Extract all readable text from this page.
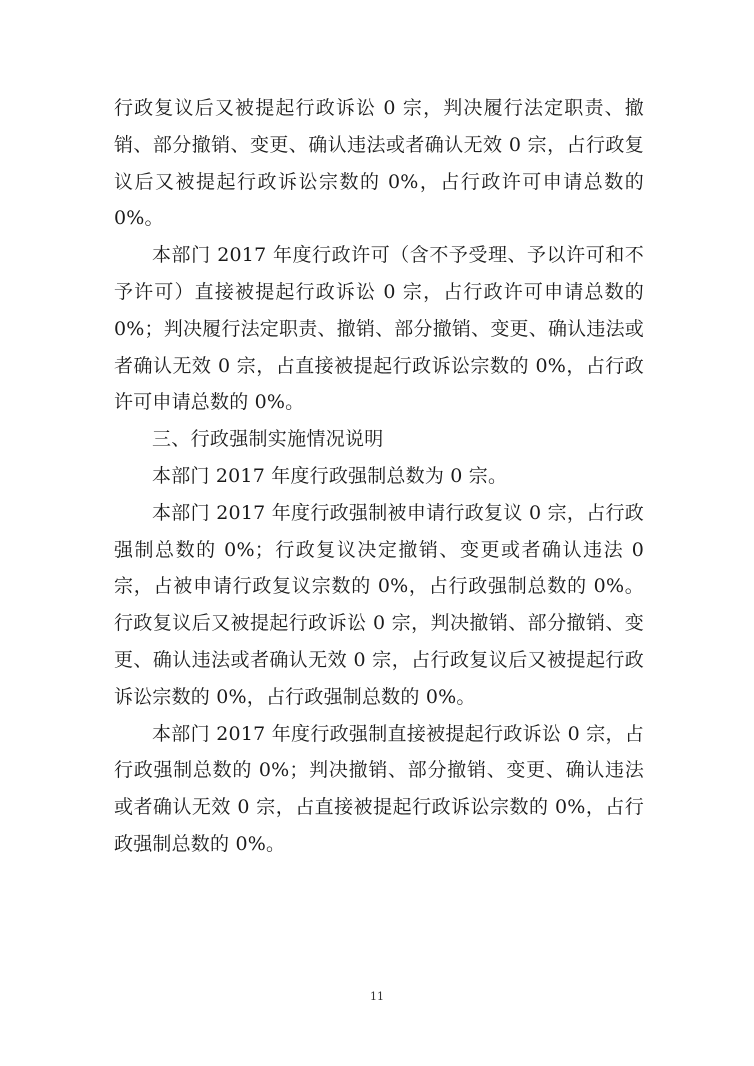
行政复议后又被提起行政诉讼 0 宗，判决履行法定职责、撤销、部分撤销、变更、确认违法或者确认无效 0 宗，占行政复议后又被提起行政诉讼宗数的 0%，占行政许可申请总数的 0%。

本部门 2017 年度行政许可（含不予受理、予以许可和不予许可）直接被提起行政诉讼 0 宗，占行政许可申请总数的 0%；判决履行法定职责、撤销、部分撤销、变更、确认违法或者确认无效 0 宗，占直接被提起行政诉讼宗数的 0%，占行政许可申请总数的 0%。

三、行政强制实施情况说明

本部门 2017 年度行政强制总数为 0 宗。

本部门 2017 年度行政强制被申请行政复议 0 宗，占行政强制总数的 0%；行政复议决定撤销、变更或者确认违法 0 宗，占被申请行政复议宗数的 0%，占行政强制总数的 0%。行政复议后又被提起行政诉讼 0 宗，判决撤销、部分撤销、变更、确认违法或者确认无效 0 宗，占行政复议后又被提起行政诉讼宗数的 0%，占行政强制总数的 0%。

本部门 2017 年度行政强制直接被提起行政诉讼 0 宗，占行政强制总数的 0%；判决撤销、部分撤销、变更、确认违法或者确认无效 0 宗，占直接被提起行政诉讼宗数的 0%，占行政强制总数的 0%。

11
